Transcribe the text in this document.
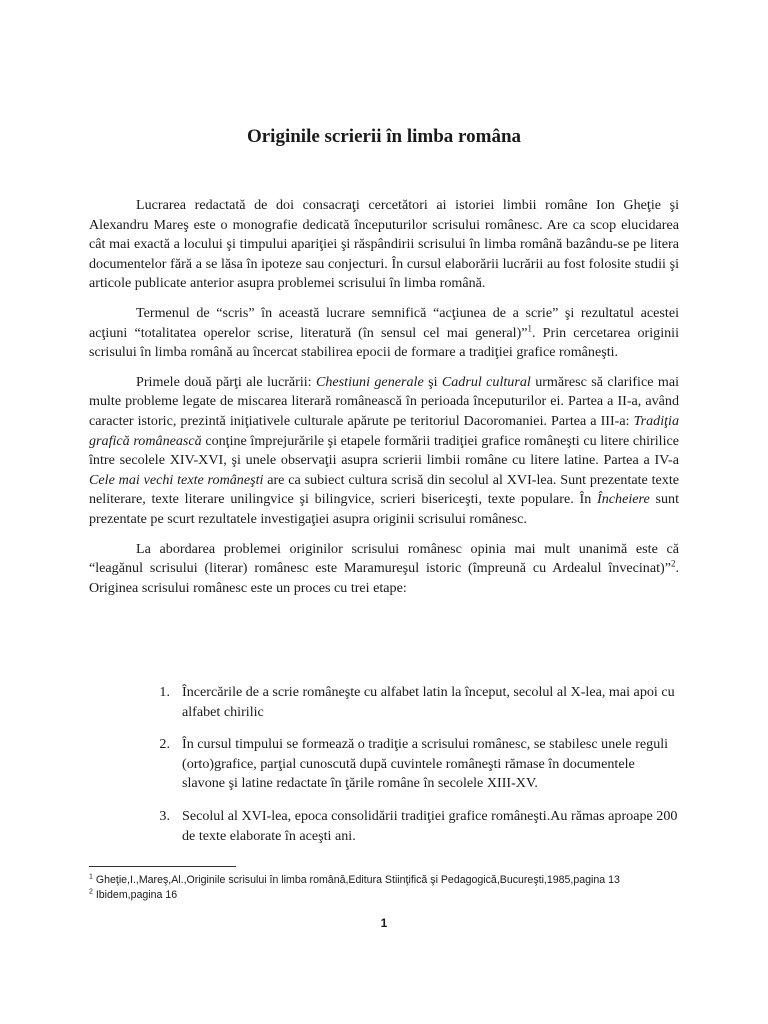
Originile scrierii în limba româna

Lucrarea redactată de doi consacraţi cercetători ai istoriei limbii române Ion Gheţie şi Alexandru Mareş este o monografie dedicată începuturilor scrisului românesc. Are ca scop elucidarea cât mai exactă a locului şi timpului apariţiei şi răspândirii scrisului în limba română bazându-se pe litera documentelor fără a se lăsa în ipoteze sau conjecturi. În cursul elaborării lucrării au fost folosite studii şi articole publicate anterior asupra problemei scrisului în limba română.

Termenul de “scris” în această lucrare semnifică “acţiunea de a scrie” şi rezultatul acestei acţiuni “totalitatea operelor scrise, literatură (în sensul cel mai general)”$^1$. Prin cercetarea originii scrisului în limba română au încercat stabilirea epocii de formare a tradiţiei grafice româneşti.

Primele două părţi ale lucrării: Chestiuni generale şi Cadrul cultural urmăresc să clarifice mai multe probleme legate de miscarea literară românească în perioada începuturilor ei. Partea a II-a, având caracter istoric, prezintă iniţiativele culturale apărute pe teritoriul Dacoromaniei. Partea a III-a: Tradiţia grafică românească conţine împrejurările şi etapele formării tradiţiei grafice româneşti cu litere chirilice între secolele XIV-XVI, şi unele observaţii asupra scrierii limbii române cu litere latine. Partea a IV-a Cele mai vechi texte româneşti are ca subiect cultura scrisă din secolul al XVI-lea. Sunt prezentate texte neliterare, texte literare unilingvice şi bilingvice, scrieri bisericeşti, texte populare. În Încheiere sunt prezentate pe scurt rezultatele investigaţiei asupra originii scrisului românesc.

La abordarea problemei originilor scrisului românesc opinia mai mult unanimă este că “leagănul scrisului (literar) românesc este Maramureşul istoric (împreună cu Ardealul învecinat)”$^2$. Originea scrisului românesc este un proces cu trei etape:

1. Încercările de a scrie româneşte cu alfabet latin la început, secolul al X-lea, mai apoi cu alfabet chirilic
2. În cursul timpului se formează o tradiţie a scrisului românesc, se stabilesc unele reguli (orto)grafice, parţial cunoscută după cuvintele româneşti rămase în documentele slavone şi latine redactate în ţările române în secolele XIII-XV.
3. Secolul al XVI-lea, epoca consolidării tradiţiei grafice româneşti.Au rămas aproape 200 de texte elaborate în aceşti ani.
$^1$ Gheţie,I.,Mareş,Al.,Originile scrisului în limba română,Editura Stiinţifică şi Pedagogică,Bucureşti,1985,pagina 13
$^2$ Ibidem,pagina 16
1
